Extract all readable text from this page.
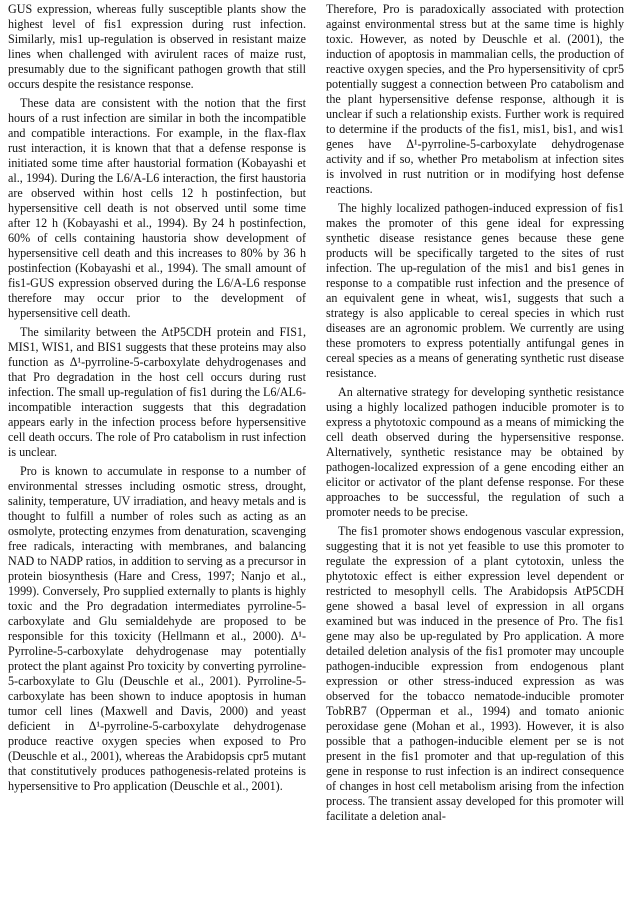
GUS expression, whereas fully susceptible plants show the highest level of fis1 expression during rust infection. Similarly, mis1 up-regulation is observed in resistant maize lines when challenged with avirulent races of maize rust, presumably due to the significant pathogen growth that still occurs despite the resistance response.

These data are consistent with the notion that the first hours of a rust infection are similar in both the incompatible and compatible interactions. For example, in the flax-flax rust interaction, it is known that that a defense response is initiated some time after haustorial formation (Kobayashi et al., 1994). During the L6/A-L6 interaction, the first haustoria are observed within host cells 12 h postinfection, but hypersensitive cell death is not observed until some time after 12 h (Kobayashi et al., 1994). By 24 h postinfection, 60% of cells containing haustoria show development of hypersensitive cell death and this increases to 80% by 36 h postinfection (Kobayashi et al., 1994). The small amount of fis1-GUS expression observed during the L6/A-L6 response therefore may occur prior to the development of hypersensitive cell death.

The similarity between the AtP5CDH protein and FIS1, MIS1, WIS1, and BIS1 suggests that these proteins may also function as Δ¹-pyrroline-5-carboxylate dehydrogenases and that Pro degradation in the host cell occurs during rust infection. The small up-regulation of fis1 during the L6/AL6-incompatible interaction suggests that this degradation appears early in the infection process before hypersensitive cell death occurs. The role of Pro catabolism in rust infection is unclear.

Pro is known to accumulate in response to a number of environmental stresses including osmotic stress, drought, salinity, temperature, UV irradiation, and heavy metals and is thought to fulfill a number of roles such as acting as an osmolyte, protecting enzymes from denaturation, scavenging free radicals, interacting with membranes, and balancing NAD to NADP ratios, in addition to serving as a precursor in protein biosynthesis (Hare and Cress, 1997; Nanjo et al., 1999). Conversely, Pro supplied externally to plants is highly toxic and the Pro degradation intermediates pyrroline-5-carboxylate and Glu semialdehyde are proposed to be responsible for this toxicity (Hellmann et al., 2000). Δ¹-Pyrroline-5-carboxylate dehydrogenase may potentially protect the plant against Pro toxicity by converting pyrroline-5-carboxylate to Glu (Deuschle et al., 2001). Pyrroline-5-carboxylate has been shown to induce apoptosis in human tumor cell lines (Maxwell and Davis, 2000) and yeast deficient in Δ¹-pyrroline-5-carboxylate dehydrogenase produce reactive oxygen species when exposed to Pro (Deuschle et al., 2001), whereas the Arabidopsis cpr5 mutant that constitutively produces pathogenesis-related proteins is hypersensitive to Pro application (Deuschle et al., 2001).

Therefore, Pro is paradoxically associated with protection against environmental stress but at the same time is highly toxic. However, as noted by Deuschle et al. (2001), the induction of apoptosis in mammalian cells, the production of reactive oxygen species, and the Pro hypersensitivity of cpr5 potentially suggest a connection between Pro catabolism and the plant hypersensitive defense response, although it is unclear if such a relationship exists. Further work is required to determine if the products of the fis1, mis1, bis1, and wis1 genes have Δ¹-pyrroline-5-carboxylate dehydrogenase activity and if so, whether Pro metabolism at infection sites is involved in rust nutrition or in modifying host defense reactions.

The highly localized pathogen-induced expression of fis1 makes the promoter of this gene ideal for expressing synthetic disease resistance genes because these gene products will be specifically targeted to the sites of rust infection. The up-regulation of the mis1 and bis1 genes in response to a compatible rust infection and the presence of an equivalent gene in wheat, wis1, suggests that such a strategy is also applicable to cereal species in which rust diseases are an agronomic problem. We currently are using these promoters to express potentially antifungal genes in cereal species as a means of generating synthetic rust disease resistance.

An alternative strategy for developing synthetic resistance using a highly localized pathogen inducible promoter is to express a phytotoxic compound as a means of mimicking the cell death observed during the hypersensitive response. Alternatively, synthetic resistance may be obtained by pathogen-localized expression of a gene encoding either an elicitor or activator of the plant defense response. For these approaches to be successful, the regulation of such a promoter needs to be precise.

The fis1 promoter shows endogenous vascular expression, suggesting that it is not yet feasible to use this promoter to regulate the expression of a plant cytotoxin, unless the phytotoxic effect is either expression level dependent or restricted to mesophyll cells. The Arabidopsis AtP5CDH gene showed a basal level of expression in all organs examined but was induced in the presence of Pro. The fis1 gene may also be up-regulated by Pro application. A more detailed deletion analysis of the fis1 promoter may uncouple pathogen-inducible expression from endogenous plant expression or other stress-induced expression as was observed for the tobacco nematode-inducible promoter TobRB7 (Opperman et al., 1994) and tomato anionic peroxidase gene (Mohan et al., 1993). However, it is also possible that a pathogen-inducible element per se is not present in the fis1 promoter and that up-regulation of this gene in response to rust infection is an indirect consequence of changes in host cell metabolism arising from the infection process. The transient assay developed for this promoter will facilitate a deletion anal-
